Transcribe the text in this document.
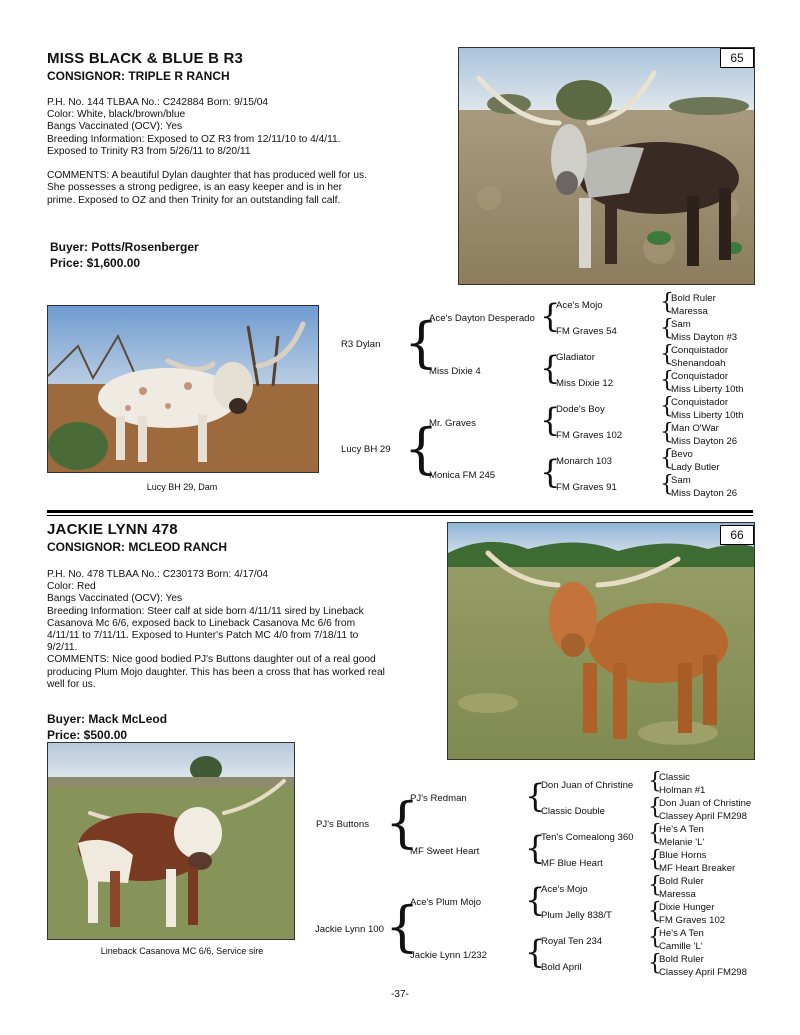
MISS BLACK & BLUE B R3
CONSIGNOR: TRIPLE R RANCH
P.H. No. 144 TLBAA No.: C242884 Born: 9/15/04
Color: White, black/brown/blue
Bangs Vaccinated (OCV): Yes
Breeding Information: Exposed to OZ R3 from 12/11/10 to 4/4/11.
Exposed to Trinity R3 from 5/26/11 to 8/20/11

COMMENTS: A beautiful Dylan daughter that has produced well for us.
She possesses a strong pedigree, is an easy keeper and is in her
prime. Exposed to OZ and then Trinity for an outstanding fall calf.
Buyer: Potts/Rosenberger
Price: $1,600.00
65
Lucy BH 29, Dam
R3 Dylan
Lucy BH 29
{
{
Ace's Dayton Desperado
Miss Dixie 4
Mr. Graves
Monica FM 245
{
{
{
{
Ace's Mojo
FM Graves 54
Gladiator
Miss Dixie 12
Dode's Boy
FM Graves 102
Monarch 103
FM Graves 91
{
{
{
{
{
{
{
{
Bold Ruler
Maressa
Sam
Miss Dayton #3
Conquistador
Shenandoah
Conquistador
Miss Liberty 10th
Conquistador
Miss Liberty 10th
Man O'War
Miss Dayton 26
Bevo
Lady Butler
Sam
Miss Dayton 26
JACKIE LYNN 478
CONSIGNOR: MCLEOD RANCH
P.H. No. 478 TLBAA No.: C230173 Born: 4/17/04
Color: Red
Bangs Vaccinated (OCV): Yes
Breeding Information: Steer calf at side born 4/11/11 sired by Lineback
Casanova Mc 6/6, exposed back to Lineback Casanova Mc 6/6 from
4/11/11 to 7/11/11. Exposed to Hunter's Patch MC 4/0 from 7/18/11 to
9/2/11.
COMMENTS: Nice good bodied PJ's Buttons daughter out of a real good
producing Plum Mojo daughter. This has been a cross that has worked real
well for us.
Buyer: Mack McLeod
Price: $500.00
66
Lineback Casanova MC 6/6, Service sire
PJ's Buttons
Jackie Lynn 100
{
{
PJ's Redman
MF Sweet Heart
Ace's Plum Mojo
Jackie Lynn 1/232
{
{
{
{
Don Juan of Christine
Classic Double
Ten's Comealong 360
MF Blue Heart
Ace's Mojo
Plum Jelly 838/T
Royal Ten 234
Bold April
{
{
{
{
{
{
{
{
Classic
Holman #1
Don Juan of Christine
Classey April FM298
He's A Ten
Melanie 'L'
Blue Horns
MF Heart Breaker
Bold Ruler
Maressa
Dixie Hunger
FM Graves 102
He's A Ten
Camille 'L'
Bold Ruler
Classey April FM298
-37-
